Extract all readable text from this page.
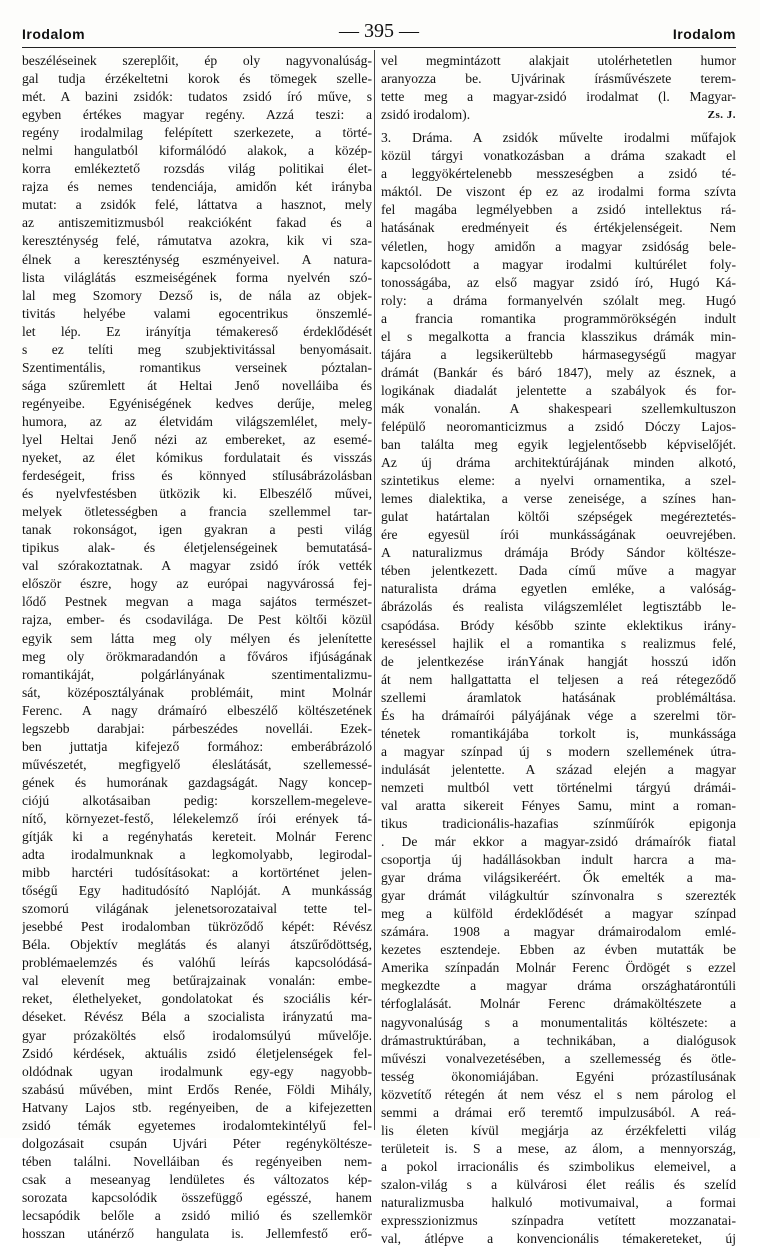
Irodalom	— 395 —	Irodalom
beszéléseinek szereplőit, ép oly nagyvonalúság-
gal tudja érzékeltetni korok és tömegek szelle-
mét. A bazini zsidók: tudatos zsidó író műve, s
egyben értékes magyar regény. Azzá teszi: a
regény irodalmilag felépített szerkezete, a törté-
nelmi hangulatból kiformálódó alakok, a közép-
korra emlékeztető rozsdás világ politikai élet-
rajza és nemes tendenciája, amidőn két irányba
mutat: a zsidók felé, láttatva a hasznot, mely
az antiszemitizmusból reakcióként fakad és a
kereszténység felé, rámutatva azokra, kik vi sza-
élnek a kereszténység eszményeivel. A natura-
lista világlátás eszmeiségének forma nyelvén szó-
lal meg Szomory Dezső is, de nála az objek-
tivitás helyébe valami egocentrikus önszemlé-
let lép. Ez irányítja témakereső érdeklődését
s ez telíti meg szubjektivitással benyomásait.
Szentimentális, romantikus verseinek póztalan-
sága szűremlett át Heltai Jenő novelláiba és
regényeibe. Egyéniségének kedves derűje, meleg
humora, az az életvidám világszemlélet, mely-
lyel Heltai Jenő nézi az embereket, az esemé-
nyeket, az élet kómikus fordulatait és visszás
ferdeségeit, friss és könnyed stílusábrázolásban
és nyelvfestésben ütközik ki. Elbeszélő művei,
melyek ötletességben a francia szellemmel tar-
tanak rokonságot, igen gyakran a pesti világ
tipikus alak- és életjelenségeinek bemutatásá-
val szórakoztatnak. A magyar zsidó írók vették
először észre, hogy az európai nagyvárossá fej-
lődő Pestnek megvan a maga sajátos természet-
rajza, ember- és csodavilága. De Pest költői közül
egyik sem látta meg oly mélyen és jelenítette
meg oly örökmaradandón a főváros ifjúságának
romantikáját, polgárlányának szentimentalizmu-
sát, középosztályának problémáit, mint Molnár
Ferenc. A nagy drámaíró elbeszélő költészetének
legszebb darabjai: párbeszédes novellái. Ezek-
ben juttatja kifejező formához: emberábrázoló
művészetét, megfigyelő éleslátását, szellemessé-
gének és humorának gazdagságát. Nagy koncep-
ciójú alkotásaiban pedig: korszellem-megeleve-
nítő, környezet-festő, lélekelemző írói erények tá-
gítják ki a regényhatás kereteit. Molnár Ferenc
adta irodalmunknak a legkomolyabb, legirodal-
mibb harctéri tudósításokat: a kortörténet jelen-
tőségű Egy haditudósító Naplóját. A munkásság
szomorú világának jelenetsorozataival tette tel-
jesebbé Pest irodalomban tükröződő képét: Révész
Béla. Objektív meglátás és alanyi átszűrődöttség,
problémaelemzés és valóhű leírás kapcsolódásá-
val elevenít meg betűrajzainak vonalán: embe-
reket, élethelyeket, gondolatokat és szociális kér-
déseket. Révész Béla a szocialista irányzatú ma-
gyar prózaköltés első irodalomsúlyú művelője.
Zsidó kérdések, aktuális zsidó életjelenségek fel-
oldódnak ugyan irodalmunk egy-egy nagyobb-
szabású művében, mint Erdős Renée, Földi Mihály,
Hatvany Lajos stb. regényeiben, de a kifejezetten
zsidó témák egyetemes irodalomtekintélyű fel-
dolgozásait csupán Ujvári Péter regényköltésze-
tében találni. Novelláiban és regényeiben nem-
csak a meseanyag lendületes és változatos kép-
sorozata kapcsolódik összefüggő egésszé, hanem
lecsapódik belőle a zsidó milió és szellemkör
hosszan utánérző hangulata is. Jellemfestő erő-
vel megmintázott alakjait utolérhetetlen humor
aranyozza be. Ujvárinak írásművészete terem-
tette meg a magyar-zsidó irodalmat (l. Magyar-
zsidó irodalom).	Zs. J.
3. Dráma. A zsidók művelte irodalmi műfajok
közül tárgyi vonatkozásban a dráma szakadt el
a leggyökértelenebb messzeségben a zsidó té-
máktól. De viszont ép ez az irodalmi forma szívta
fel magába legmélyebben a zsidó intellektus rá-
hatásának eredményeit és értékjelenségeit. Nem
véletlen, hogy amidőn a magyar zsidóság bele-
kapcsolódott a magyar irodalmi kultúrélet foly-
tonosságába, az első magyar zsidó író, Hugó Ká-
roly: a dráma formanyelvén szólalt meg. Hugó
a francia romantika programmörökségén indult
el s megalkotta a francia klasszikus drámák min-
tájára a legsikerültebb hármasegységű magyar
drámát (Bankár és báró 1847), mely az észnek, a
logikának diadalát jelentette a szabályok és for-
mák vonalán. A shakespeari szellemkultuszon
felépülő neoromanticizmus a zsidó Dóczy Lajos-
ban találta meg egyik legjelentősebb képviselőjét.
Az új dráma architektúrájának minden alkotó,
szintetikus eleme: a nyelvi ornamentika, a szel-
lemes dialektika, a verse zeneisége, a színes han-
gulat határtalan költői szépségek megéreztetés-
ére egyesül írói munkásságának oeuvrejében.
A naturalizmus drámája Bródy Sándor költésze-
tében jelentkezett. Dada című műve a magyar
naturalista dráma egyetlen emléke, a valóság-
ábrázolás és realista világszemlélet legtisztább le-
csapódása. Bródy később szinte eklektikus irány-
kereséssel hajlik el a romantika s realizmus felé,
de jelentkezése iránYának hangját hosszú időn
át nem hallgattatta el teljesen a reá rétegeződő
szellemi áramlatok hatásának problémáltása.
És ha drámaírói pályájának vége a szerelmi tör-
ténetek romantikájába torkolt is, munkássága
a magyar színpad új s modern szellemének útra-
indulását jelentette. A század elején a magyar
nemzeti multból vett történelmi tárgyú drámái-
val aratta sikereit Fényes Samu, mint a roman-
tikus tradicionális-hazafias színműírók epigonja
. De már ekkor a magyar-zsidó drámaírók fiatal
csoportja új hadállásokban indult harcra a ma-
gyar dráma világsikeréért. Ők emelték a ma-
gyar drámát világkultúr színvonalra s szerezték
meg a külföld érdeklődését a magyar színpad
számára. 1908 a magyar drámairodalom emlé-
kezetes esztendeje. Ebben az évben mutatták be
Amerika színpadán Molnár Ferenc Ördögét s ezzel
megkezdte a magyar dráma országhatárontúli
térfoglalását. Molnár Ferenc drámaköltészete a
nagyvonalúság s a monumentalitás költészete: a
drámastruktúrában, a technikában, a dialógusok
művészi vonalvezetésében, a szellemesség és ötle-
tesség ökonomiájában. Egyéni prózastílusának
közvetítő rétegén át nem vész el s nem párolog el
semmi a drámai erő teremtő impulzusából. A reá-
lis életen kívül megjárja az érzékfeletti világ
területeit is. S a mese, az álom, a mennyország,
a pokol irracionális és szimbolikus elemeivel, a
szalon-világ s a külvárosi élet reális és szelíd
naturalizmusba halkuló motivumaival, a formai
expresszionizmus színpadra vetített mozzanatai-
val, átlépve a konvencionális témakereteket, új
